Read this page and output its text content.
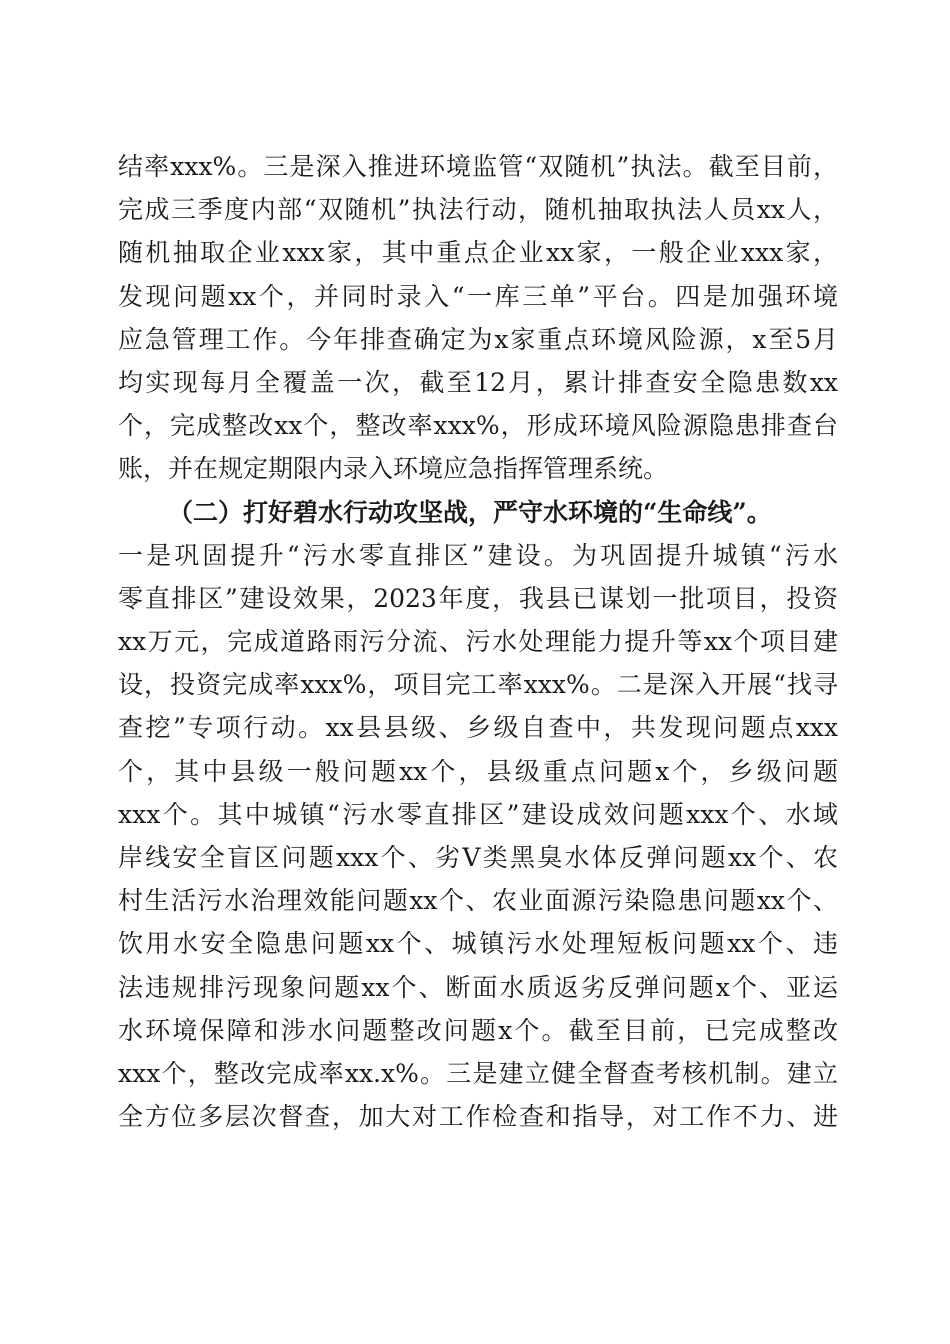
结率xxx%。三是深入推进环境监管“双随机”执法。截至目前，
完成三季度内部“双随机”执法行动，随机抽取执法人员xx人，
随机抽取企业xxx家，其中重点企业xx家，一般企业xxx家，
发现问题xx个，并同时录入“一库三单”平台。四是加强环境
应急管理工作。今年排查确定为x家重点环境风险源，x至5月
均实现每月全覆盖一次，截至12月，累计排查安全隐患数xx
个，完成整改xx个，整改率xxx%，形成环境风险源隐患排查台
账，并在规定期限内录入环境应急指挥管理系统。
（二）打好碧水行动攻坚战，严守水环境的“生命线”。
一是巩固提升“污水零直排区”建设。为巩固提升城镇“污水
零直排区”建设效果，2023年度，我县已谋划一批项目，投资
xx万元，完成道路雨污分流、污水处理能力提升等xx个项目建
设，投资完成率xxx%，项目完工率xxx%。二是深入开展“找寻
查挖”专项行动。xx县县级、乡级自查中，共发现问题点xxx
个，其中县级一般问题xx个，县级重点问题x个，乡级问题
xxx个。其中城镇“污水零直排区”建设成效问题xxx个、水域
岸线安全盲区问题xxx个、劣Ⅴ类黑臭水体反弹问题xx个、农
村生活污水治理效能问题xx个、农业面源污染隐患问题xx个、
饮用水安全隐患问题xx个、城镇污水处理短板问题xx个、违
法违规排污现象问题xx个、断面水质返劣反弹问题x个、亚运
水环境保障和涉水问题整改问题x个。截至目前，已完成整改
xxx个，整改完成率xx.x%。三是建立健全督查考核机制。建立
全方位多层次督查，加大对工作检查和指导，对工作不力、进
